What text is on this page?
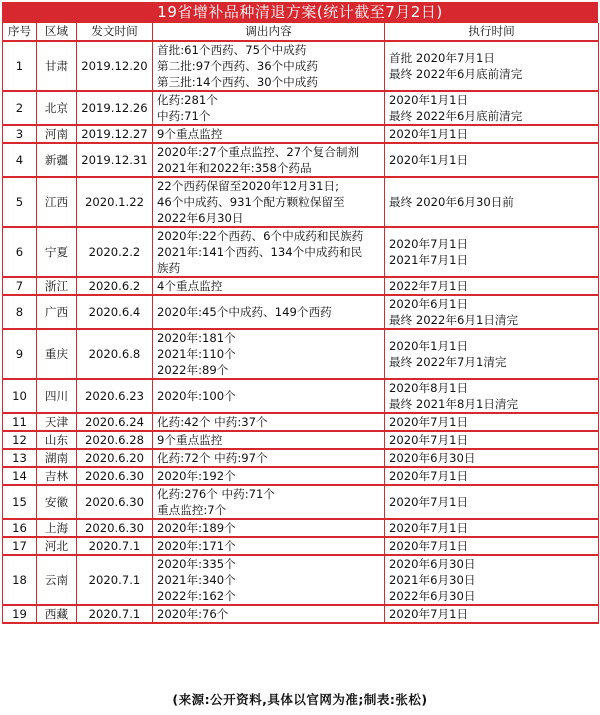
19省增补品种清退方案(统计截至7月2日)
序号	区域	发文时间	调出内容	执行时间
1	甘肃	2019.12.20	首批:61个西药、75个中成药
第二批:97个西药、36个中成药
第三批:14个西药、30个中成药	首批 2020年7月1日
最终 2022年6月底前清完

2	北京	2019.12.26	化药:281个
中药:71个	2020年1月1日
最终 2022年6月底前清完

3	河南	2019.12.27	9个重点监控	2020年1月1日

4	新疆	2019.12.31	2020年:27个重点监控、27个复合制剂
2021年和2022年:358个药品	2020年1月1日

5	江西	2020.1.22	22个西药保留至2020年12月31日;
46个中成药、931个配方颗粒保留至
2022年6月30日	最终 2020年6月30日前

6	宁夏	2020.2.2	2020年:22个西药、6个中成药和民族药
2021年:141个西药、134个中成药和民
族药	2020年7月1日
2021年7月1日

7	浙江	2020.6.2	4个重点监控	2022年7月1日

8	广西	2020.6.4	2020年:45个中成药、149个西药	2020年6月1日
最终 2022年6月1日清完

9	重庆	2020.6.8	2020年:181个
2021年:110个
2022年:89个	2020年1月1日
最终 2022年7月1清完

10	四川	2020.6.23	2020年:100个	2020年8月1日
最终 2021年8月1日清完

11	天津	2020.6.24	化药:42个 中药:37个	2020年7月1日

12	山东	2020.6.28	9个重点监控	2020年7月1日

13	湖南	2020.6.20	化药:72个 中药:97个	2020年6月30日

14	吉林	2020.6.30	2020年:192个	2020年7月1日

15	安徽	2020.6.30	化药:276个 中药:71个
重点监控:7个	2020年7月1日

16	上海	2020.6.30	2020年:189个	2020年7月1日

17	河北	2020.7.1	2020年:171个	2020年7月1日

18	云南	2020.7.1	2020年:335个
2021年:340个
2022年:162个	2020年6月30日
2021年6月30日
2022年6月30日

19	西藏	2020.7.1	2020年:76个	2020年7月1日
(来源:公开资料,具体以官网为准;制表:张松)
